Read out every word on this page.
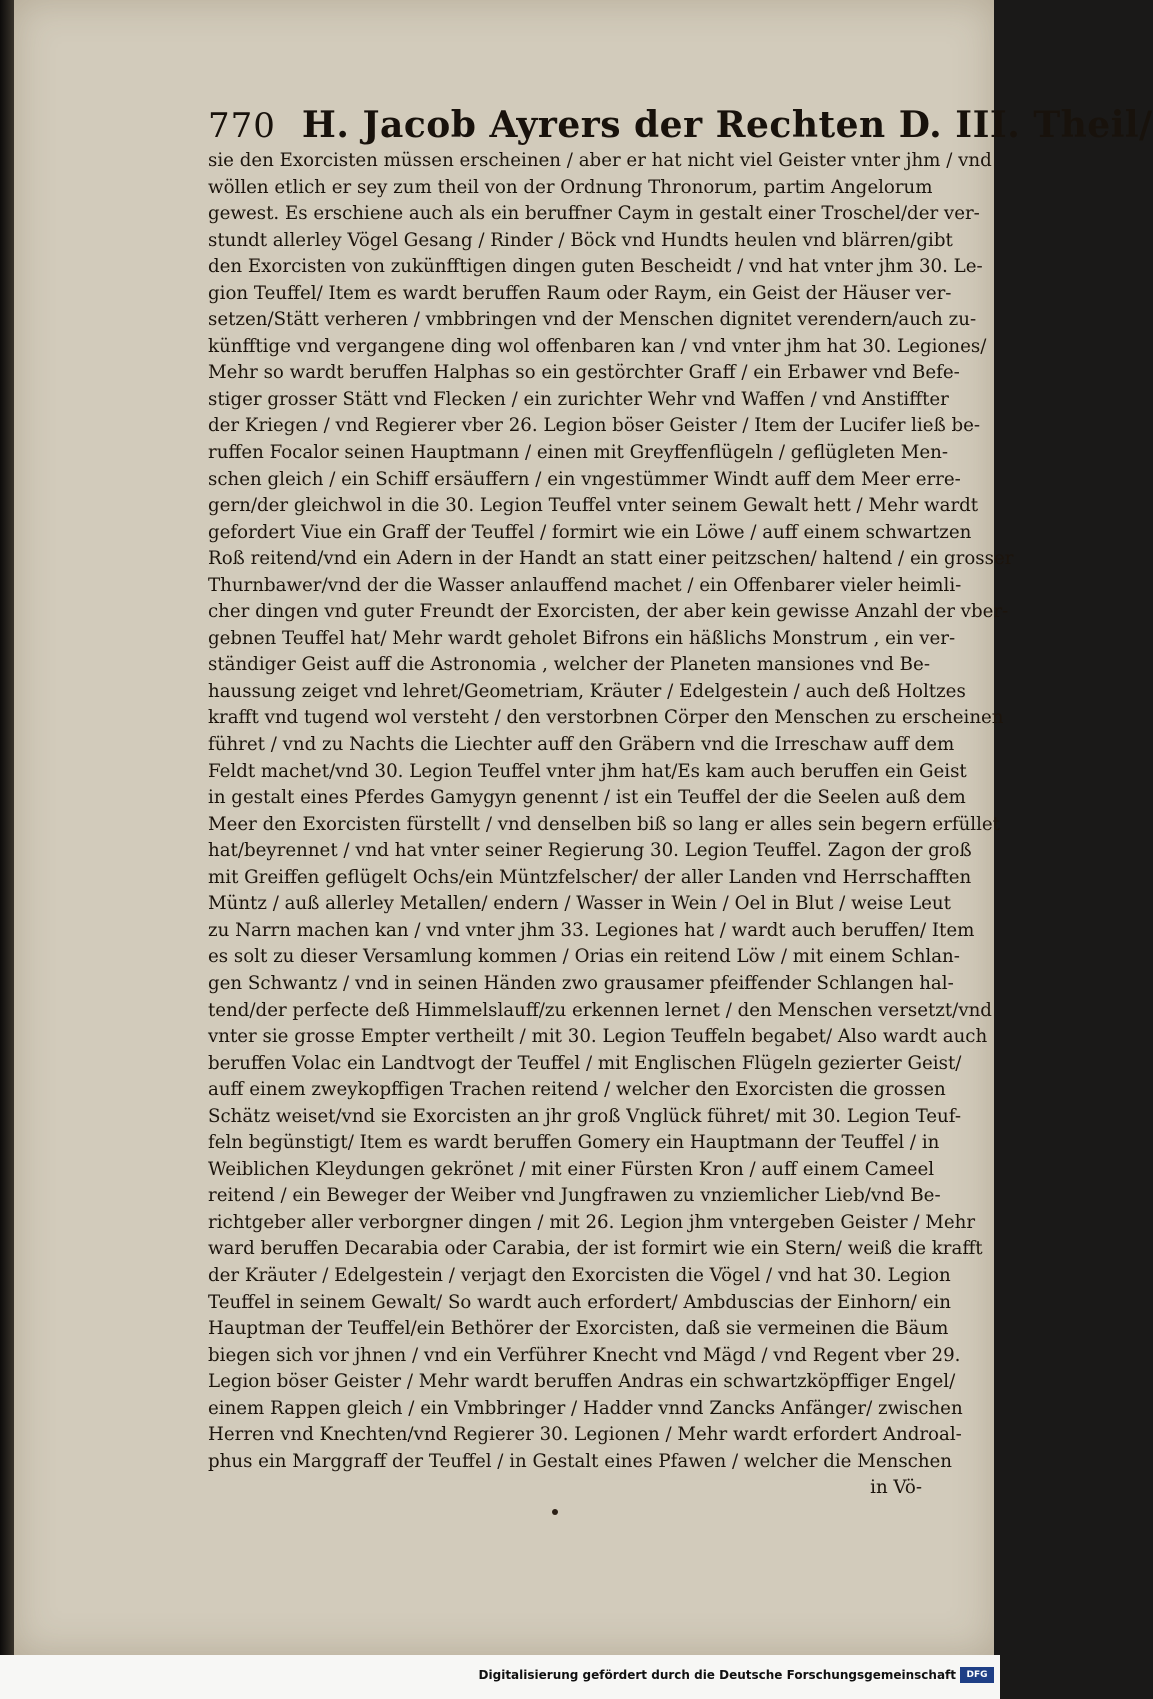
770 H. Jacob Ayrers der Rechten D. III. Theil/
sie den Exorcisten müssen erscheinen / aber er hat nicht viel Geister vnter jhm / vnd
wöllen etlich er sey zum theil von der Ordnung Thronorum, partim Angelorum
gewest. Es erschiene auch als ein beruffner Caym in gestalt einer Troschel/der ver-
stundt allerley Vögel Gesang / Rinder / Böck vnd Hundts heulen vnd blärren/gibt
den Exorcisten von zukünfftigen dingen guten Bescheidt / vnd hat vnter jhm 30. Le-
gion Teuffel/ Item es wardt beruffen Raum oder Raym, ein Geist der Häuser ver-
setzen/Stätt verheren / vmbbringen vnd der Menschen dignitet verendern/auch zu-
künfftige vnd vergangene ding wol offenbaren kan / vnd vnter jhm hat 30. Legiones/
Mehr so wardt beruffen Halphas so ein gestörchter Graff / ein Erbawer vnd Befe-
stiger grosser Stätt vnd Flecken / ein zurichter Wehr vnd Waffen / vnd Anstiffter
der Kriegen / vnd Regierer vber 26. Legion böser Geister / Item der Lucifer ließ be-
ruffen Focalor seinen Hauptmann / einen mit Greyffenflügeln / geflügleten Men-
schen gleich / ein Schiff ersäuffern / ein vngestümmer Windt auff dem Meer erre-
gern/der gleichwol in die 30. Legion Teuffel vnter seinem Gewalt hett / Mehr wardt
gefordert Viue ein Graff der Teuffel / formirt wie ein Löwe / auff einem schwartzen
Roß reitend/vnd ein Adern in der Handt an statt einer peitzschen/ haltend / ein grosser
Thurnbawer/vnd der die Wasser anlauffend machet / ein Offenbarer vieler heimli-
cher dingen vnd guter Freundt der Exorcisten, der aber kein gewisse Anzahl der vber-
gebnen Teuffel hat/ Mehr wardt geholet Bifrons ein häßlichs Monstrum , ein ver-
ständiger Geist auff die Astronomia , welcher der Planeten mansiones vnd Be-
haussung zeiget vnd lehret/Geometriam, Kräuter / Edelgestein / auch deß Holtzes
krafft vnd tugend wol versteht / den verstorbnen Cörper den Menschen zu erscheinen
führet / vnd zu Nachts die Liechter auff den Gräbern vnd die Irreschaw auff dem
Feldt machet/vnd 30. Legion Teuffel vnter jhm hat/Es kam auch beruffen ein Geist
in gestalt eines Pferdes Gamygyn genennt / ist ein Teuffel der die Seelen auß dem
Meer den Exorcisten fürstellt / vnd denselben biß so lang er alles sein begern erfüllet
hat/beyrennet / vnd hat vnter seiner Regierung 30. Legion Teuffel. Zagon der groß
mit Greiffen geflügelt Ochs/ein Müntzfelscher/ der aller Landen vnd Herrschafften
Müntz / auß allerley Metallen/ endern / Wasser in Wein / Oel in Blut / weise Leut
zu Narrn machen kan / vnd vnter jhm 33. Legiones hat / wardt auch beruffen/ Item
es solt zu dieser Versamlung kommen / Orias ein reitend Löw / mit einem Schlan-
gen Schwantz / vnd in seinen Händen zwo grausamer pfeiffender Schlangen hal-
tend/der perfecte deß Himmelslauff/zu erkennen lernet / den Menschen versetzt/vnd
vnter sie grosse Empter vertheilt / mit 30. Legion Teuffeln begabet/ Also wardt auch
beruffen Volac ein Landtvogt der Teuffel / mit Englischen Flügeln gezierter Geist/
auff einem zweykopffigen Trachen reitend / welcher den Exorcisten die grossen
Schätz weiset/vnd sie Exorcisten an jhr groß Vnglück führet/ mit 30. Legion Teuf-
feln begünstigt/ Item es wardt beruffen Gomery ein Hauptmann der Teuffel / in
Weiblichen Kleydungen gekrönet / mit einer Fürsten Kron / auff einem Cameel
reitend / ein Beweger der Weiber vnd Jungfrawen zu vnziemlicher Lieb/vnd Be-
richtgeber aller verborgner dingen / mit 26. Legion jhm vntergeben Geister / Mehr
ward beruffen Decarabia oder Carabia, der ist formirt wie ein Stern/ weiß die krafft
der Kräuter / Edelgestein / verjagt den Exorcisten die Vögel / vnd hat 30. Legion
Teuffel in seinem Gewalt/ So wardt auch erfordert/ Ambduscias der Einhorn/ ein
Hauptman der Teuffel/ein Bethörer der Exorcisten, daß sie vermeinen die Bäum
biegen sich vor jhnen / vnd ein Verführer Knecht vnd Mägd / vnd Regent vber 29.
Legion böser Geister / Mehr wardt beruffen Andras ein schwartzköpffiger Engel/
einem Rappen gleich / ein Vmbbringer / Hadder vnnd Zancks Anfänger/ zwischen
Herren vnd Knechten/vnd Regierer 30. Legionen / Mehr wardt erfordert Androal-
phus ein Marggraff der Teuffel / in Gestalt eines Pfawen / welcher die Menschen
in Vö-
Digitalisierung gefördert durch die Deutsche Forschungsgemeinschaft	DFG
